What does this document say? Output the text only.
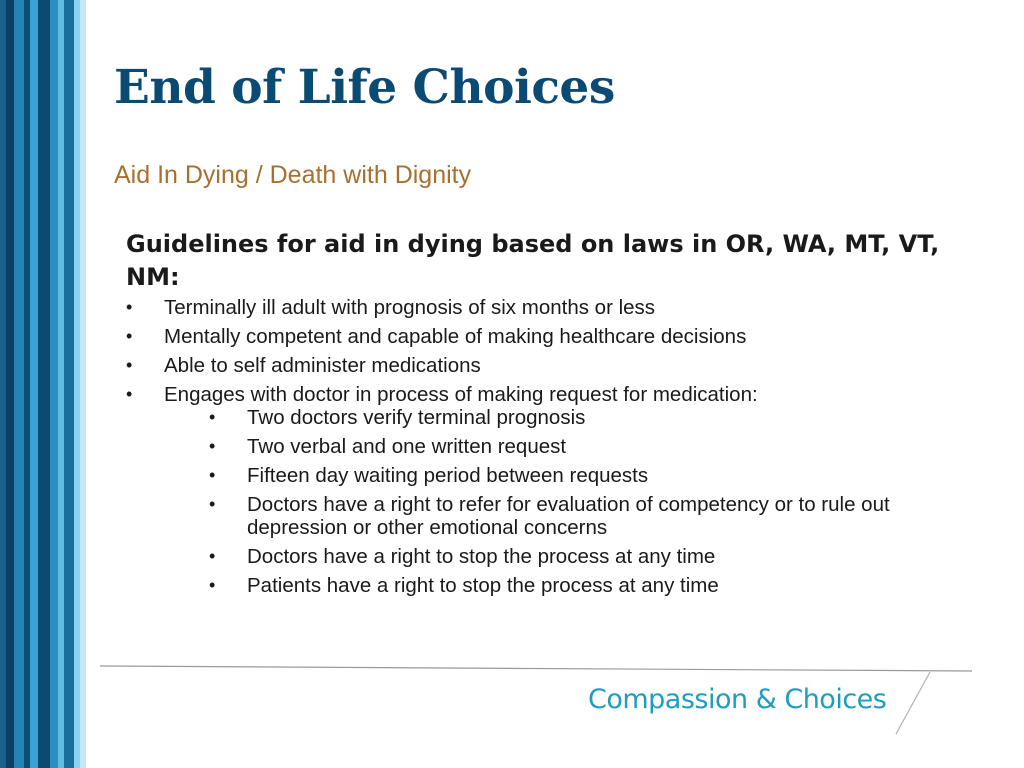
End of Life Choices
Aid In Dying / Death with Dignity
Guidelines for aid in dying based on laws in OR, WA, MT, VT, NM:
• Terminally ill adult with prognosis of six months or less
• Mentally competent and capable of making healthcare decisions
• Able to self administer medications
• Engages with doctor in process of making request for medication:
• Two doctors verify terminal prognosis
• Two verbal and one written request
• Fifteen day waiting period between requests
• Doctors have a right to refer for evaluation of competency or to rule out depression or other emotional concerns
• Doctors have a right to stop the process at any time
• Patients have a right to stop the process at any time
Compassion & Choices
